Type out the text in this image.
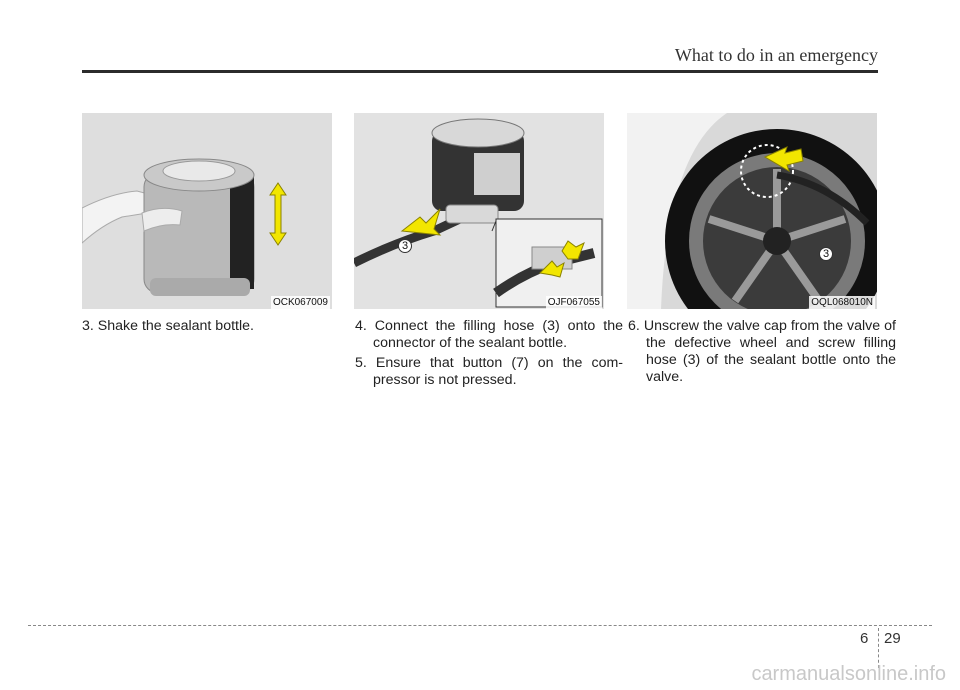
What to do in an emergency
OCK067009
3
OJF067055
3
OQL068010N
3. Shake the sealant bottle.	4. Connect the filling hose (3) onto the connector of the sealant bottle.
5. Ensure that button (7) on the com-pressor is not pressed.
6. Unscrew the valve cap from the valve of the defective wheel and screw filling hose (3) of the sealant bottle onto the valve.
6 29
carmanualsonline.info
